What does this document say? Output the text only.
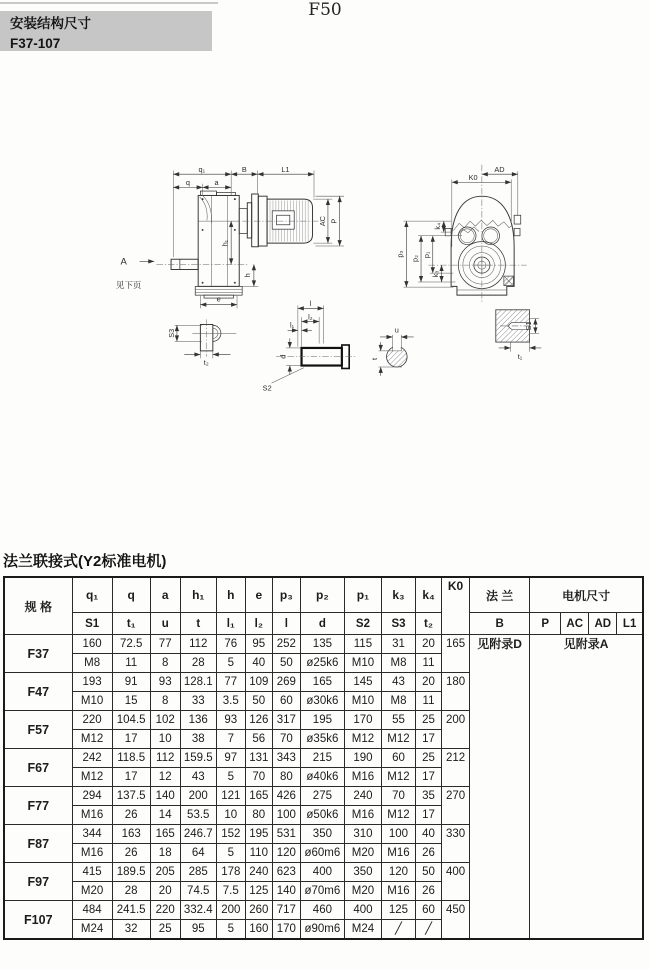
安装结构尺寸
F37-107
q₁	B	L1
q a
AC P
h₁
h
e
A
见下页
AD
K0
p₃
p₂
p₁
k₄
k₃
S3
t₂
l
l₂
l₁
d
S2
u
t
S1
t₁
法兰联接式(Y2标准电机)
规 格	q₁	q	a	h₁	h	e	p₃	p₂	p₁	k₃	k₄	K0	法 兰	电机尺寸			
	S1	t₁	u	t	l₁	l₂	l	d	S2	S3	t₂		B	P	AC	AD	L1
F37	160	72.5	77	112	76	95	252	135	115	31	20	165	见附录D	见附录A			
	M8	11	8	28	5	40	50	ø25k6	M10	M8	11						
F47	193	91	93	128.1	77	109	269	165	145	43	20	180					
	M10	15	8	33	3.5	50	60	ø30k6	M10	M8	11						
F57	220	104.5	102	136	93	126	317	195	170	55	25	200					
	M12	17	10	38	7	56	70	ø35k6	M12	M12	17						
F67	242	118.5	112	159.5	97	131	343	215	190	60	25	212					
	M12	17	12	43	5	70	80	ø40k6	M16	M12	17						
F77	294	137.5	140	200	121	165	426	275	240	70	35	270					
	M16	26	14	53.5	10	80	100	ø50k6	M16	M12	17						
F87	344	163	165	246.7	152	195	531	350	310	100	40	330					
	M16	26	18	64	5	110	120	ø60m6	M20	M16	26						
F97	415	189.5	205	285	178	240	623	400	350	120	50	400					
	M20	28	20	74.5	7.5	125	140	ø70m6	M20	M16	26						
F107	484	241.5	220	332.4	200	260	717	460	400	125	60	450					
	M24	32	25	95	5	160	170	ø90m6	M24	╱	╱						
F50
